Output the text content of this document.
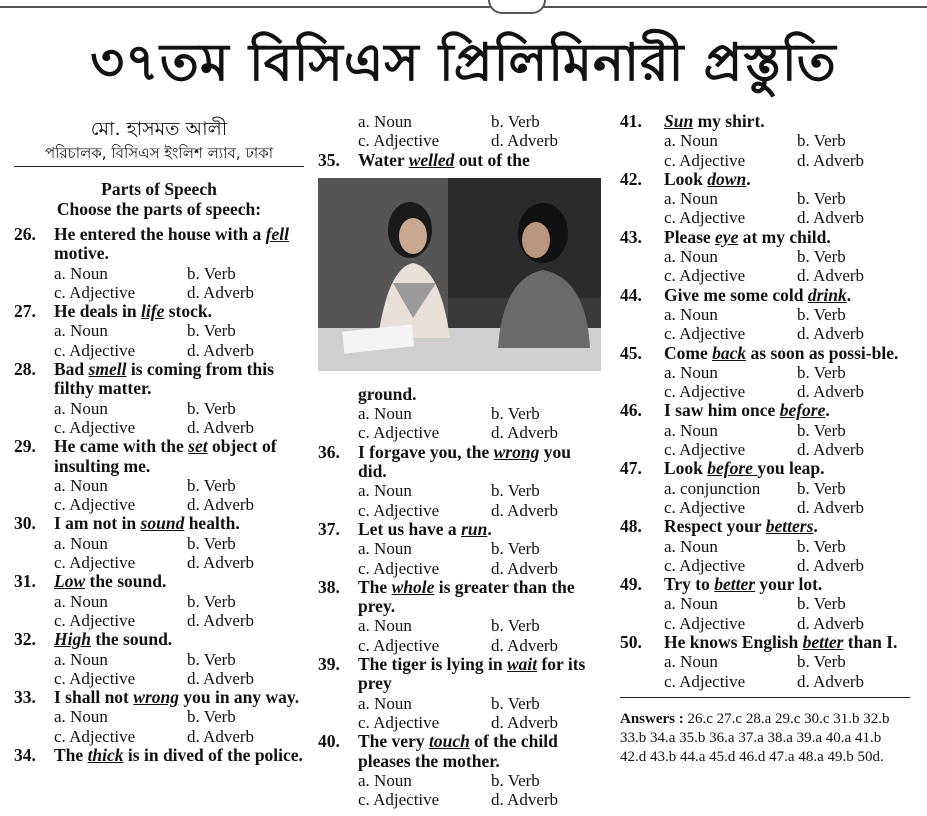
৩৭তম বিসিএস প্রিলিমিনারী প্রস্তুতি
মো. হাসমত আলী
পরিচালক, বিসিএস ইংলিশ ল্যাব, ঢাকা
Parts of Speech
Choose the parts of speech:
26.	He entered the house with a fell motive.
a. Noun	b. Verb
c. Adjective	d. Adverb
27.	He deals in life stock.
a. Noun	b. Verb
c. Adjective	d. Adverb
28.	Bad smell is coming from this filthy matter.
a. Noun	b. Verb
c. Adjective	d. Adverb
29.	He came with the set object of insulting me.
a. Noun	b. Verb
c. Adjective	d. Adverb
30.	I am not in sound health.
a. Noun	b. Verb
c. Adjective	d. Adverb
31.	Low the sound.
a. Noun	b. Verb
c. Adjective	d. Adverb
32.	High the sound.
a. Noun	b. Verb
c. Adjective	d. Adverb
33.	I shall not wrong you in any way.
a. Noun	b. Verb
c. Adjective	d. Adverb
34.	The thick is in dived of the police.
a. Noun	b. Verb
c. Adjective	d. Adverb
35.	Water welled out of the
ground.
a. Noun	b. Verb
c. Adjective	d. Adverb
36.	I forgave you, the wrong you did.
a. Noun	b. Verb
c. Adjective	d. Adverb
37.	Let us have a run.
a. Noun	b. Verb
c. Adjective	d. Adverb
38.	The whole is greater than the prey.
a. Noun	b. Verb
c. Adjective	d. Adverb
39.	The tiger is lying in wait for its prey
a. Noun	b. Verb
c. Adjective	d. Adverb
40.	The very touch of the child pleases the mother.
a. Noun	b. Verb
c. Adjective	d. Adverb
41.	Sun my shirt.
a. Noun	b. Verb
c. Adjective	d. Adverb
42.	Look down.
a. Noun	b. Verb
c. Adjective	d. Adverb
43.	Please eye at my child.
a. Noun	b. Verb
c. Adjective	d. Adverb
44.	Give me some cold drink.
a. Noun	b. Verb
c. Adjective	d. Adverb
45.	Come back as soon as possi-ble.
a. Noun	b. Verb
c. Adjective	d. Adverb
46.	I saw him once before.
a. Noun	b. Verb
c. Adjective	d. Adverb
47.	Look before you leap.
a. conjunction	b. Verb
c. Adjective	d. Adverb
48.	Respect your betters.
a. Noun	b. Verb
c. Adjective	d. Adverb
49.	Try to better your lot.
a. Noun	b. Verb
c. Adjective	d. Adverb
50.	He knows English better than I.
a. Noun	b. Verb
c. Adjective	d. Adverb
Answers : 26.c 27.c 28.a 29.c 30.c 31.b 32.b 33.b 34.a 35.b 36.a 37.a 38.a 39.a 40.a 41.b 42.d 43.b 44.a 45.d 46.d 47.a 48.a 49.b 50d.
